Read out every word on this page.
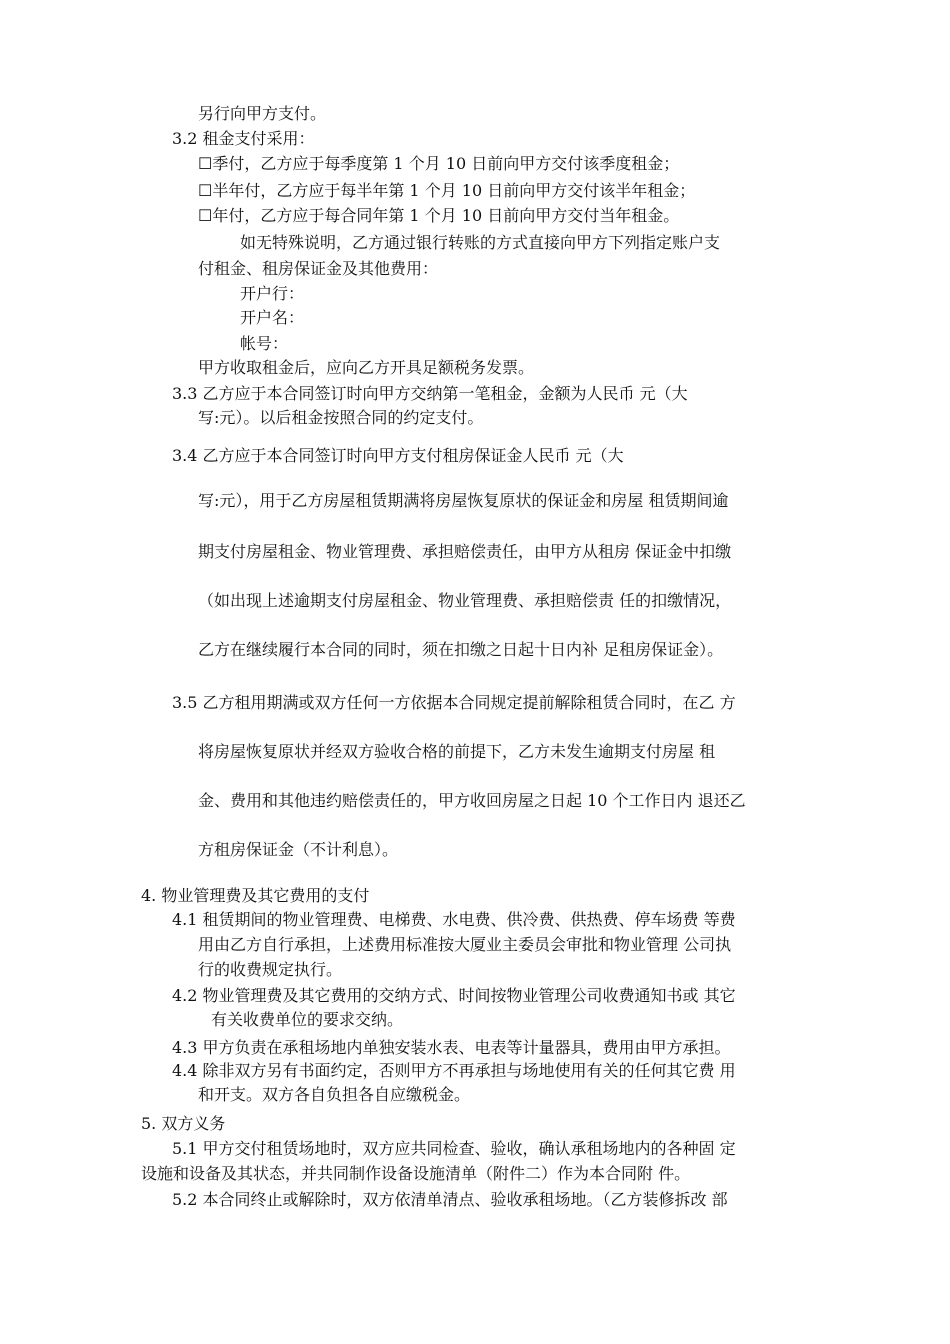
另行向甲方支付。
3.2 租金支付采用：
☐季付，乙方应于每季度第 1 个月 10 日前向甲方交付该季度租金；
☐半年付，乙方应于每半年第 1 个月 10 日前向甲方交付该半年租金；
☐年付，乙方应于每合同年第 1 个月 10 日前向甲方交付当年租金。
如无特殊说明，乙方通过银行转账的方式直接向甲方下列指定账户支
付租金、租房保证金及其他费用：
开户行：
开户名：
帐号：
甲方收取租金后，应向乙方开具足额税务发票。
3.3 乙方应于本合同签订时向甲方交纳第一笔租金，金额为人民币 元（大
写:元）。以后租金按照合同的约定支付。
3.4 乙方应于本合同签订时向甲方支付租房保证金人民币 元（大
写:元），用于乙方房屋租赁期满将房屋恢复原状的保证金和房屋 租赁期间逾
期支付房屋租金、物业管理费、承担赔偿责任，由甲方从租房 保证金中扣缴
（如出现上述逾期支付房屋租金、物业管理费、承担赔偿责 任的扣缴情况，
乙方在继续履行本合同的同时，须在扣缴之日起十日内补 足租房保证金）。
3.5 乙方租用期满或双方任何一方依据本合同规定提前解除租赁合同时，在乙 方
将房屋恢复原状并经双方验收合格的前提下，乙方未发生逾期支付房屋 租
金、费用和其他违约赔偿责任的，甲方收回房屋之日起 10 个工作日内 退还乙
方租房保证金（不计利息）。
4. 物业管理费及其它费用的支付
4.1 租赁期间的物业管理费、电梯费、水电费、供冷费、供热费、停车场费 等费
用由乙方自行承担，上述费用标准按大厦业主委员会审批和物业管理 公司执
行的收费规定执行。
4.2 物业管理费及其它费用的交纳方式、时间按物业管理公司收费通知书或 其它
有关收费单位的要求交纳。
4.3 甲方负责在承租场地内单独安装水表、电表等计量器具，费用由甲方承担。
4.4 除非双方另有书面约定，否则甲方不再承担与场地使用有关的任何其它费 用
和开支。双方各自负担各自应缴税金。
5. 双方义务
5.1 甲方交付租赁场地时，双方应共同检查、验收，确认承租场地内的各种固 定
设施和设备及其状态，并共同制作设备设施清单（附件二）作为本合同附 件。
5.2 本合同终止或解除时，双方依清单清点、验收承租场地。（乙方装修拆改 部
